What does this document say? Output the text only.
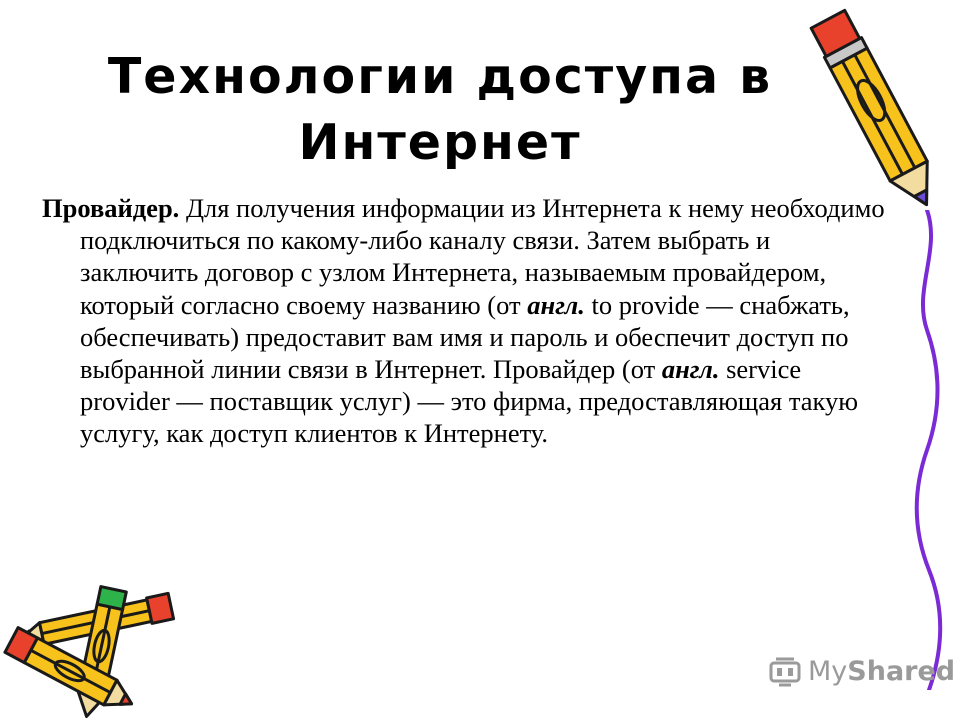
Технологии доступа в
Интернет

Провайдер. Для получения информации из Интернета к нему необходимо подключиться по какому-либо каналу связи. Затем выбрать и заключить договор с узлом Интернета, называемым провайдером, который согласно своему названию (от англ. to provide — снабжать, обеспечивать) предоставит вам имя и пароль и обеспечит доступ по выбранной линии связи в Интернет. Провайдер (от англ. service provider — поставщик услуг) — это фирма, предоставляющая такую услугу, как доступ клиентов к Интернету.

MyShared
